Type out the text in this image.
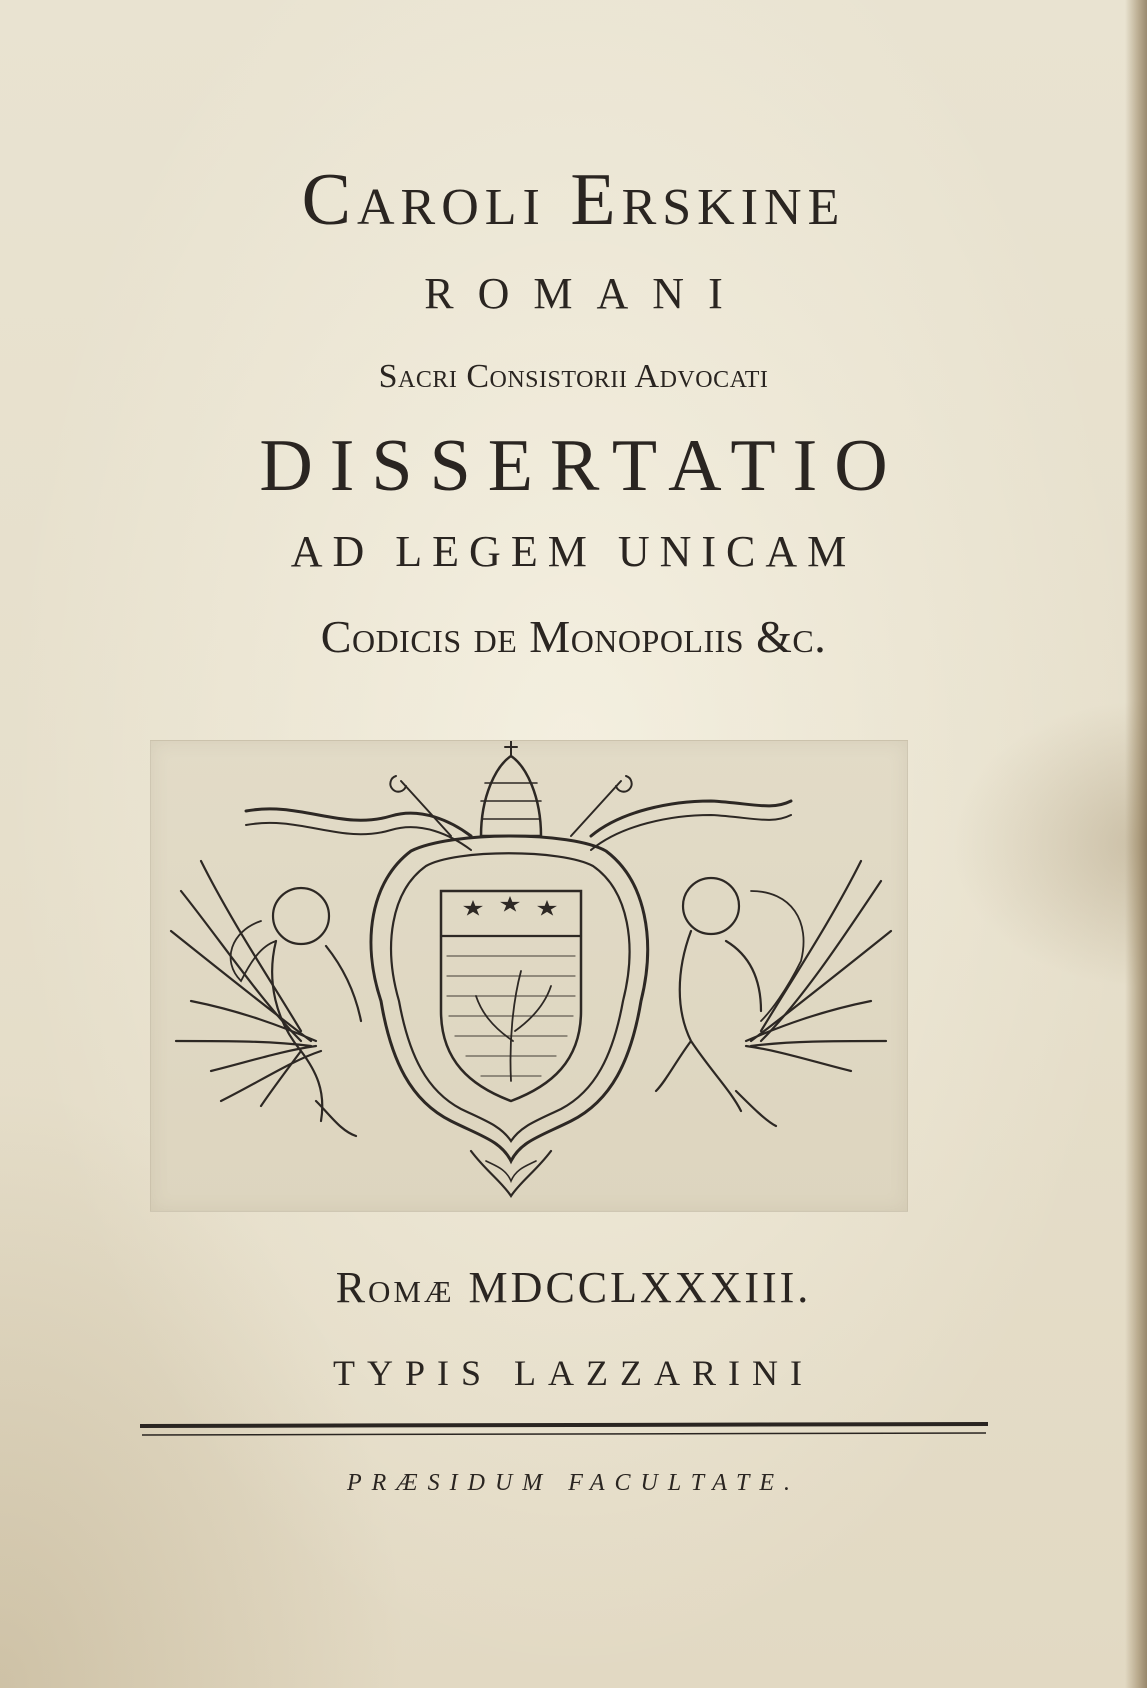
Caroli Erskine
ROMANI
Sacri Consistorii Advocati
DISSERTATIO
AD LEGEM UNICAM
Codicis de Monopoliis &c.
Romæ MDCCLXXXIII.
TYPIS LAZZARINI
PRÆSIDUM FACULTATE.
